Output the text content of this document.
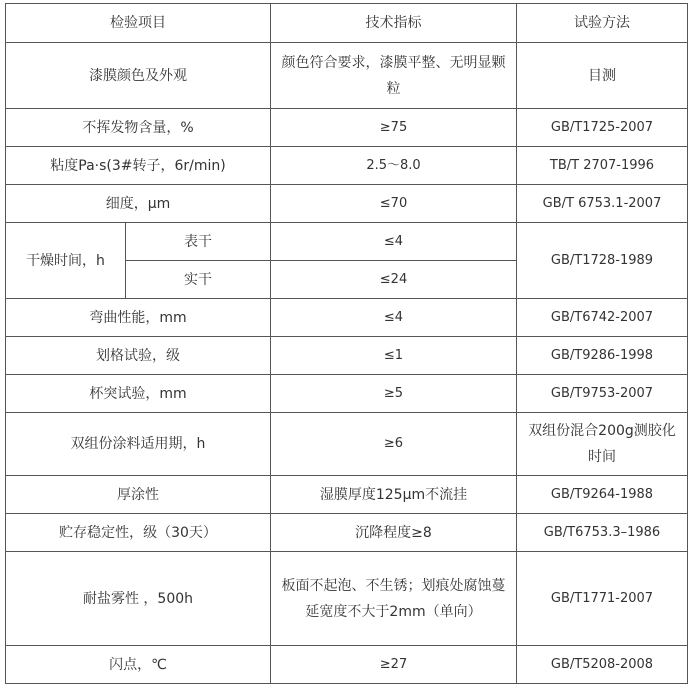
检验项目		技术指标	试验方法
漆膜颜色及外观		颜色符合要求，漆膜平整、无明显颗粒	目测
不挥发物含量，%		≥75	GB/T1725-2007
粘度Pa·s(3#转子，6r/min)		2.5～8.0	TB/T 2707-1996
细度，μm		≤70	GB/T 6753.1-2007
干燥时间，h	表干	≤4	GB/T1728-1989
	实干	≤24	
弯曲性能，mm		≤4	GB/T6742-2007
划格试验，级		≤1	GB/T9286-1998
杯突试验，mm		≥5	GB/T9753-2007
双组份涂料适用期，h		≥6	双组份混合200g测胶化时间
厚涂性		湿膜厚度125μm不流挂	GB/T9264-1988
贮存稳定性，级（30天）		沉降程度≥8	GB/T6753.3–1986
耐盐雾性 ，500h		板面不起泡、不生锈；划痕处腐蚀蔓延宽度不大于2mm（单向）	GB/T1771-2007
闪点，℃		≥27	GB/T5208-2008
